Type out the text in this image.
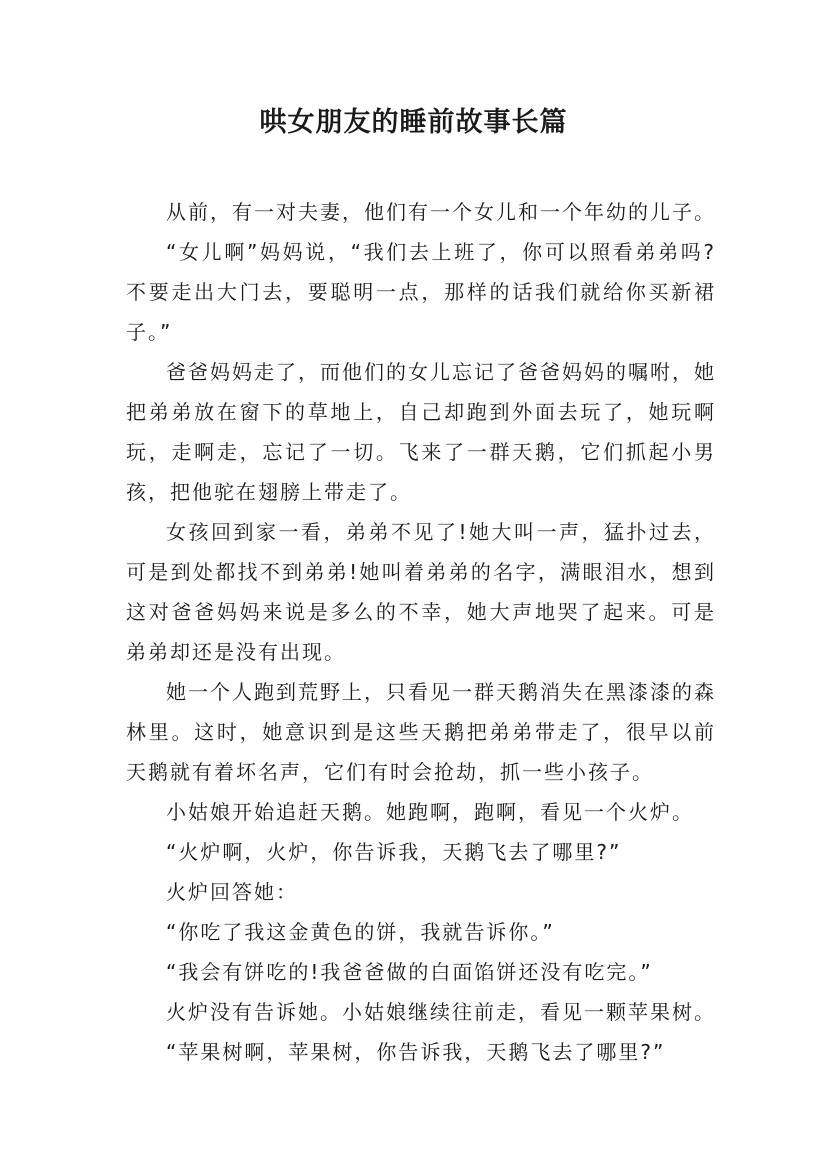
哄女朋友的睡前故事长篇

从前，有一对夫妻，他们有一个女儿和一个年幼的儿子。

“女儿啊”妈妈说，“我们去上班了，你可以照看弟弟吗?不要走出大门去，要聪明一点，那样的话我们就给你买新裙子。”

爸爸妈妈走了，而他们的女儿忘记了爸爸妈妈的嘱咐，她把弟弟放在窗下的草地上，自己却跑到外面去玩了，她玩啊玩，走啊走，忘记了一切。飞来了一群天鹅，它们抓起小男孩，把他驼在翅膀上带走了。

女孩回到家一看，弟弟不见了!她大叫一声，猛扑过去，可是到处都找不到弟弟!她叫着弟弟的名字，满眼泪水，想到这对爸爸妈妈来说是多么的不幸，她大声地哭了起来。可是弟弟却还是没有出现。

她一个人跑到荒野上，只看见一群天鹅消失在黑漆漆的森林里。这时，她意识到是这些天鹅把弟弟带走了，很早以前天鹅就有着坏名声，它们有时会抢劫，抓一些小孩子。

小姑娘开始追赶天鹅。她跑啊，跑啊，看见一个火炉。

“火炉啊，火炉，你告诉我，天鹅飞去了哪里?”

火炉回答她：

“你吃了我这金黄色的饼，我就告诉你。”

“我会有饼吃的!我爸爸做的白面馅饼还没有吃完。”

火炉没有告诉她。小姑娘继续往前走，看见一颗苹果树。

“苹果树啊，苹果树，你告诉我，天鹅飞去了哪里?”
